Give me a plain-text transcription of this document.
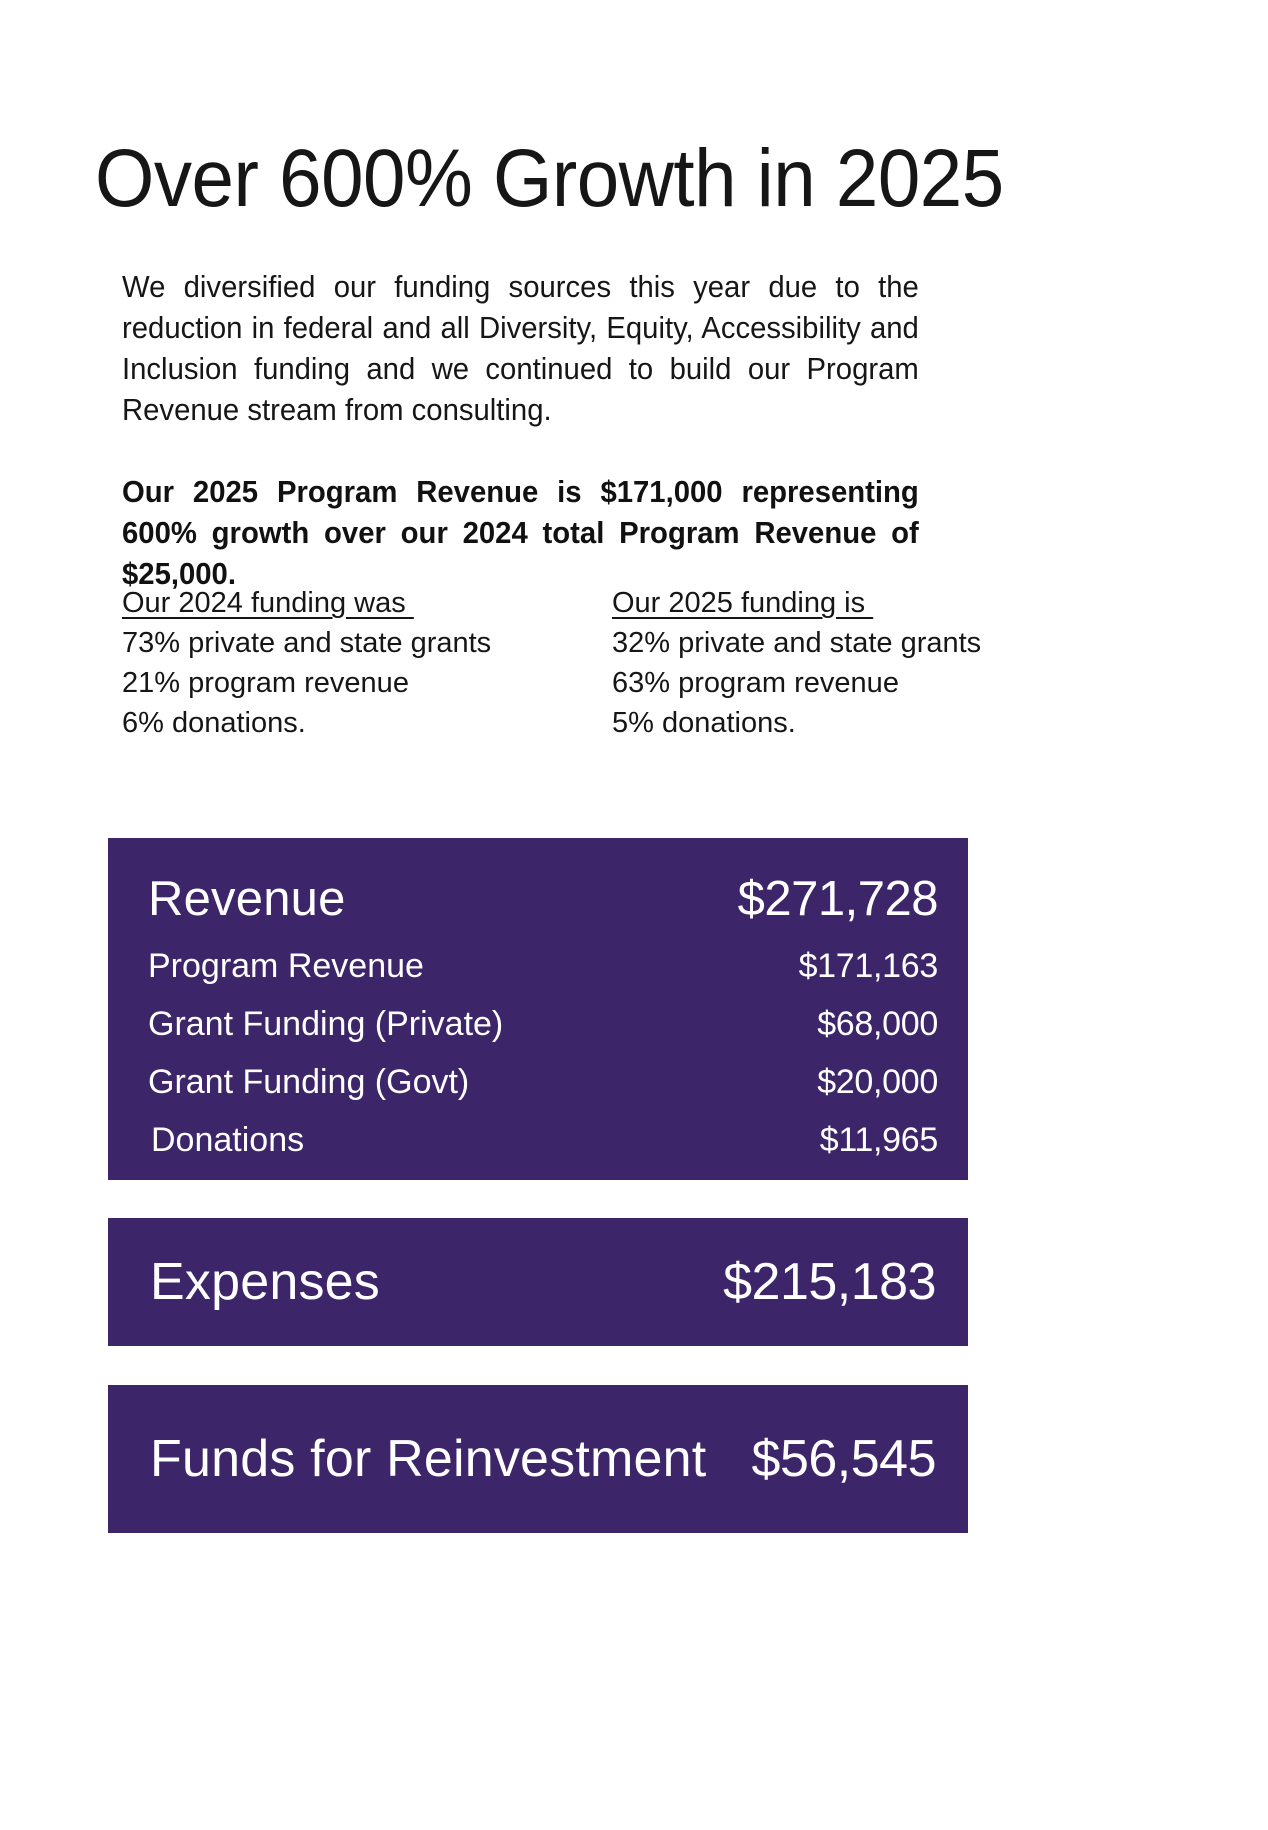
Over 600% Growth in 2025

We diversified our funding sources this year due to the reduction in federal and all Diversity, Equity, Accessibility and Inclusion funding and we continued to build our Program Revenue stream from consulting.

Our 2025 Program Revenue is $171,000 representing 600% growth over our 2024 total Program Revenue of $25,000.

Our 2024 funding was
73% private and state grants
21% program revenue
6% donations.
Our 2025 funding is
32% private and state grants
63% program revenue
5% donations.
Revenue	$271,728
Program Revenue	$171,163
Grant Funding (Private)	$68,000
Grant Funding (Govt)	$20,000
Donations	$11,965
Expenses	$215,183
Funds for Reinvestment $56,545
